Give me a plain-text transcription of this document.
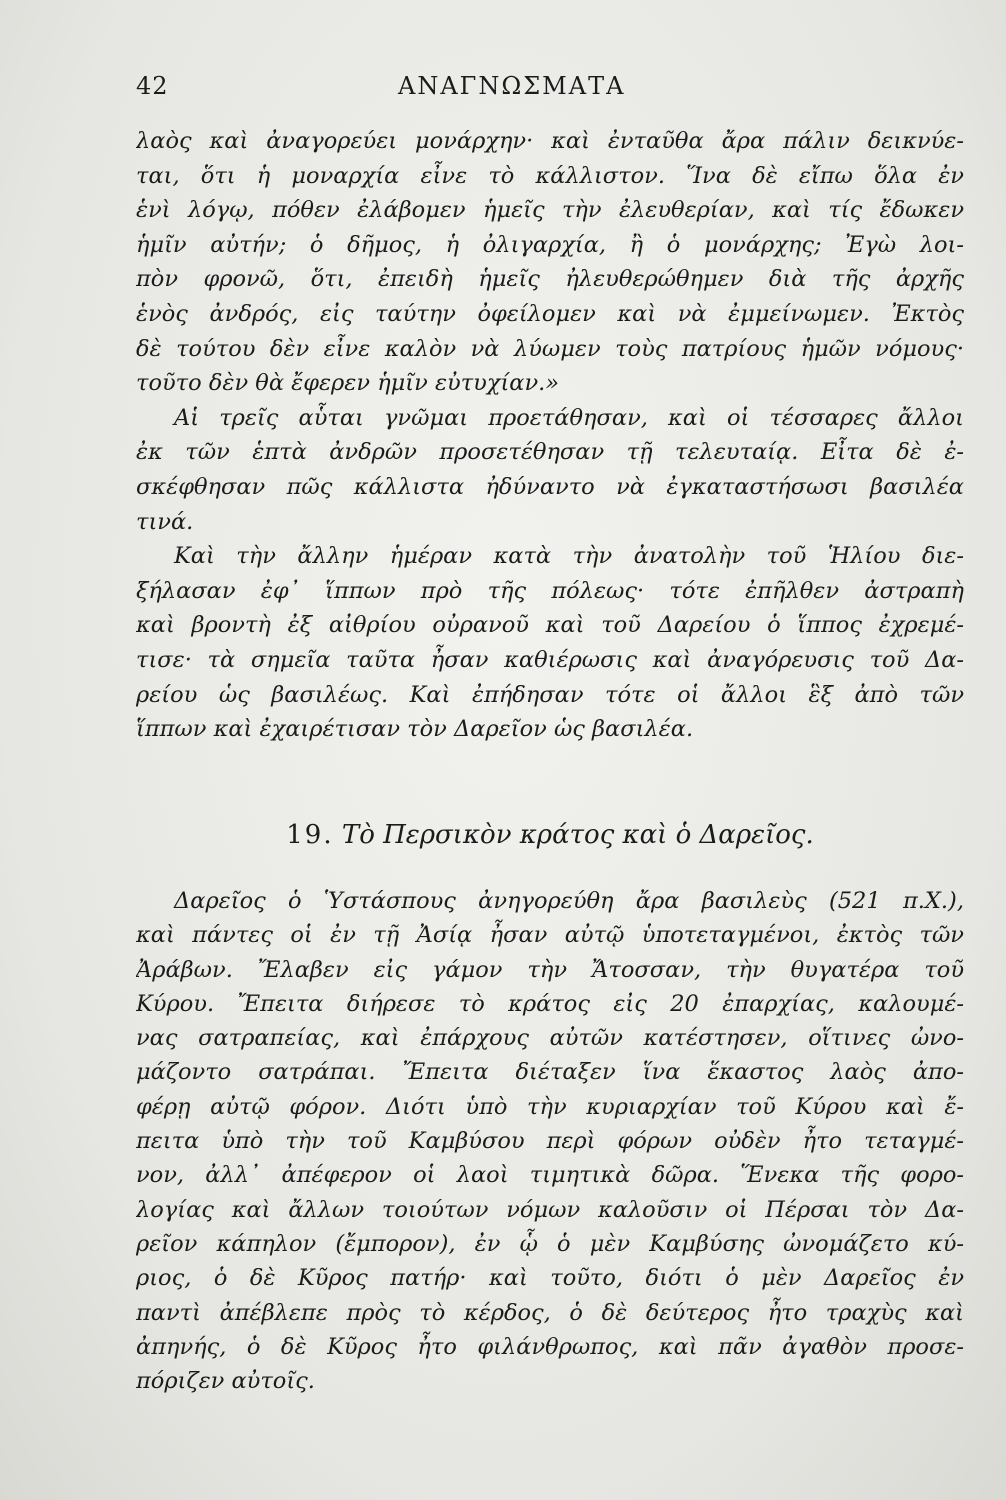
42	ΑΝΑΓΝΩΣΜΑΤΑ
λαὸς καὶ ἀναγορεύει μονάρχην· καὶ ἐνταῦθα ἄρα πάλιν δεικνύε-
ται, ὅτι ἡ μοναρχία εἶνε τὸ κάλλιστον. Ἵνα δὲ εἴπω ὅλα ἐν
ἑνὶ λόγῳ, πόθεν ἐλάβομεν ἡμεῖς τὴν ἐλευθερίαν, καὶ τίς ἔδωκεν
ἡμῖν αὐτήν; ὁ δῆμος, ἡ ὀλιγαρχία, ἢ ὁ μονάρχης; Ἐγὼ λοι-
πὸν φρονῶ, ὅτι, ἐπειδὴ ἡμεῖς ἠλευθερώθημεν διὰ τῆς ἀρχῆς
ἑνὸς ἀνδρός, εἰς ταύτην ὀφείλομεν καὶ νὰ ἐμμείνωμεν. Ἐκτὸς
δὲ τούτου δὲν εἶνε καλὸν νὰ λύωμεν τοὺς πατρίους ἡμῶν νόμους·
τοῦτο δὲν θὰ ἔφερεν ἡμῖν εὐτυχίαν.»
Αἱ τρεῖς αὗται γνῶμαι προετάθησαν, καὶ οἱ τέσσαρες ἄλλοι
ἐκ τῶν ἑπτὰ ἀνδρῶν προσετέθησαν τῇ τελευταίᾳ. Εἶτα δὲ ἐ-
σκέφθησαν πῶς κάλλιστα ἠδύναντο νὰ ἐγκαταστήσωσι βασιλέα
τινά.
Καὶ τὴν ἄλλην ἡμέραν κατὰ τὴν ἀνατολὴν τοῦ Ἡλίου διε-
ξήλασαν ἐφ᾽ ἵππων πρὸ τῆς πόλεως· τότε ἐπῆλθεν ἀστραπὴ
καὶ βροντὴ ἐξ αἰθρίου οὐρανοῦ καὶ τοῦ Δαρείου ὁ ἵππος ἐχρεμέ-
τισε· τὰ σημεῖα ταῦτα ἦσαν καθιέρωσις καὶ ἀναγόρευσις τοῦ Δα-
ρείου ὡς βασιλέως. Καὶ ἐπήδησαν τότε οἱ ἄλλοι ἓξ ἀπὸ τῶν
ἵππων καὶ ἐχαιρέτισαν τὸν Δαρεῖον ὡς βασιλέα.
19. Τὸ Περσικὸν κράτος καὶ ὁ Δαρεῖος.
Δαρεῖος ὁ Ὑστάσπους ἀνηγορεύθη ἄρα βασιλεὺς (521 π.Χ.),
καὶ πάντες οἱ ἐν τῇ Ἀσίᾳ ἦσαν αὐτῷ ὑποτεταγμένοι, ἐκτὸς τῶν
Ἀράβων. Ἔλαβεν εἰς γάμον τὴν Ἄτοσσαν, τὴν θυγατέρα τοῦ
Κύρου. Ἔπειτα διήρεσε τὸ κράτος εἰς 20 ἐπαρχίας, καλουμέ-
νας σατραπείας, καὶ ἐπάρχους αὐτῶν κατέστησεν, οἵτινες ὠνο-
μάζοντο σατράπαι. Ἔπειτα διέταξεν ἵνα ἕκαστος λαὸς ἀπο-
φέρῃ αὐτῷ φόρον. Διότι ὑπὸ τὴν κυριαρχίαν τοῦ Κύρου καὶ ἔ-
πειτα ὑπὸ τὴν τοῦ Καμβύσου περὶ φόρων οὐδὲν ἦτο τεταγμέ-
νον, ἀλλ᾽ ἀπέφερον οἱ λαοὶ τιμητικὰ δῶρα. Ἕνεκα τῆς φορο-
λογίας καὶ ἄλλων τοιούτων νόμων καλοῦσιν οἱ Πέρσαι τὸν Δα-
ρεῖον κάπηλον (ἔμπορον), ἐν ᾧ ὁ μὲν Καμβύσης ὠνομάζετο κύ-
ριος, ὁ δὲ Κῦρος πατήρ· καὶ τοῦτο, διότι ὁ μὲν Δαρεῖος ἐν
παντὶ ἀπέβλεπε πρὸς τὸ κέρδος, ὁ δὲ δεύτερος ἦτο τραχὺς καὶ
ἀπηνής, ὁ δὲ Κῦρος ἦτο φιλάνθρωπος, καὶ πᾶν ἀγαθὸν προσε-
πόριζεν αὐτοῖς.
